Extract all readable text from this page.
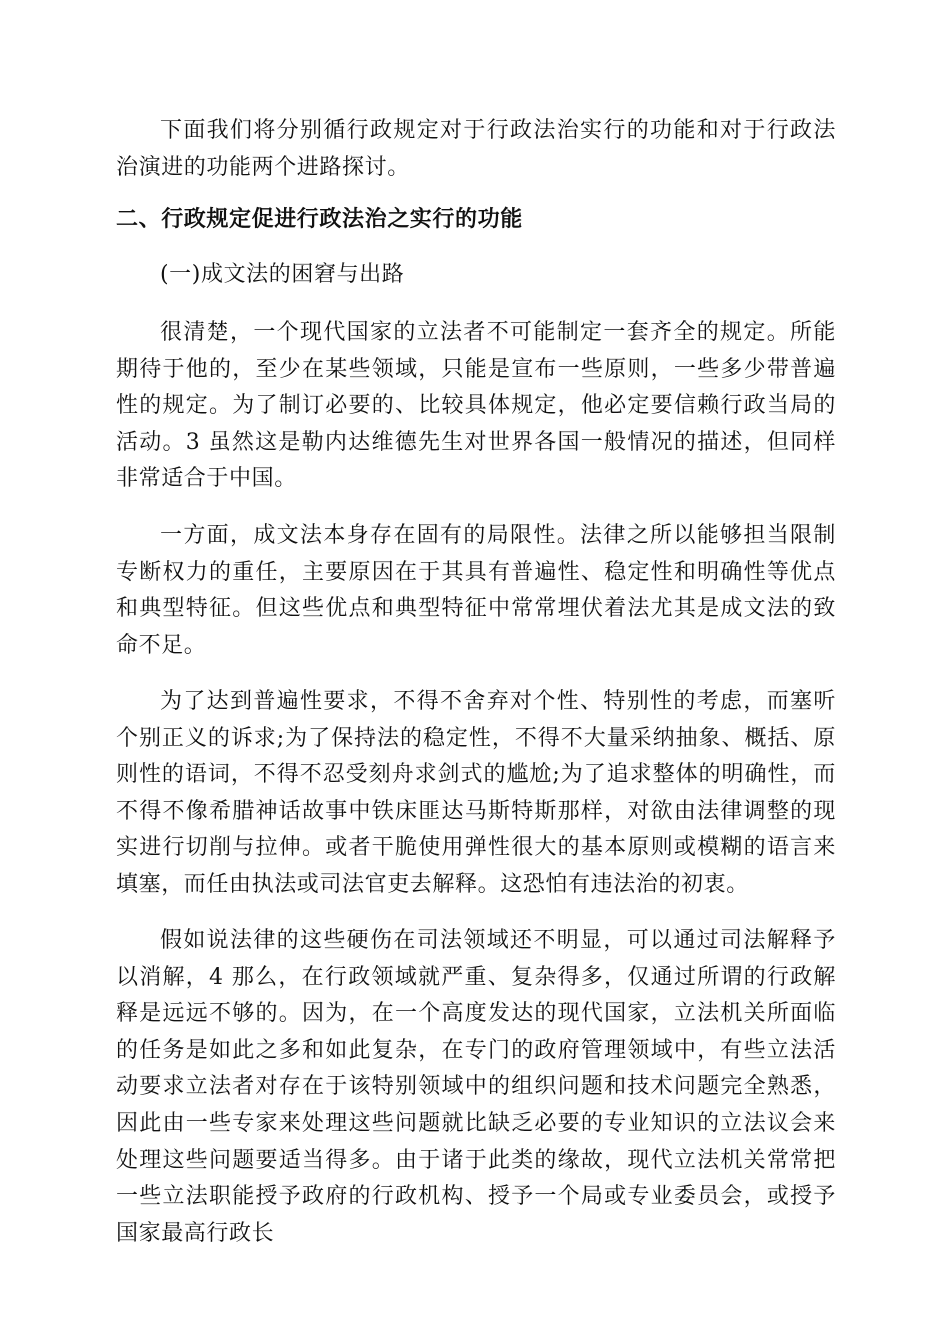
下面我们将分别循行政规定对于行政法治实行的功能和对于行政法治演进的功能两个进路探讨。

二、行政规定促进行政法治之实行的功能
(一)成文法的困窘与出路

很清楚，一个现代国家的立法者不可能制定一套齐全的规定。所能期待于他的，至少在某些领域，只能是宣布一些原则，一些多少带普遍性的规定。为了制订必要的、比较具体规定，他必定要信赖行政当局的活动。3 虽然这是勒内达维德先生对世界各国一般情况的描述，但同样非常适合于中国。

一方面，成文法本身存在固有的局限性。法律之所以能够担当限制专断权力的重任，主要原因在于其具有普遍性、稳定性和明确性等优点和典型特征。但这些优点和典型特征中常常埋伏着法尤其是成文法的致命不足。

为了达到普遍性要求，不得不舍弃对个性、特别性的考虑，而塞听个别正义的诉求;为了保持法的稳定性，不得不大量采纳抽象、概括、原则性的语词，不得不忍受刻舟求剑式的尴尬;为了追求整体的明确性，而不得不像希腊神话故事中铁床匪达马斯特斯那样，对欲由法律调整的现实进行切削与拉伸。或者干脆使用弹性很大的基本原则或模糊的语言来填塞，而任由执法或司法官吏去解释。这恐怕有违法治的初衷。

假如说法律的这些硬伤在司法领域还不明显，可以通过司法解释予以消解，4 那么，在行政领域就严重、复杂得多，仅通过所谓的行政解释是远远不够的。因为，在一个高度发达的现代国家，立法机关所面临的任务是如此之多和如此复杂，在专门的政府管理领域中，有些立法活动要求立法者对存在于该特别领域中的组织问题和技术问题完全熟悉，因此由一些专家来处理这些问题就比缺乏必要的专业知识的立法议会来处理这些问题要适当得多。由于诸于此类的缘故，现代立法机关常常把一些立法职能授予政府的行政机构、授予一个局或专业委员会，或授予国家最高行政长
